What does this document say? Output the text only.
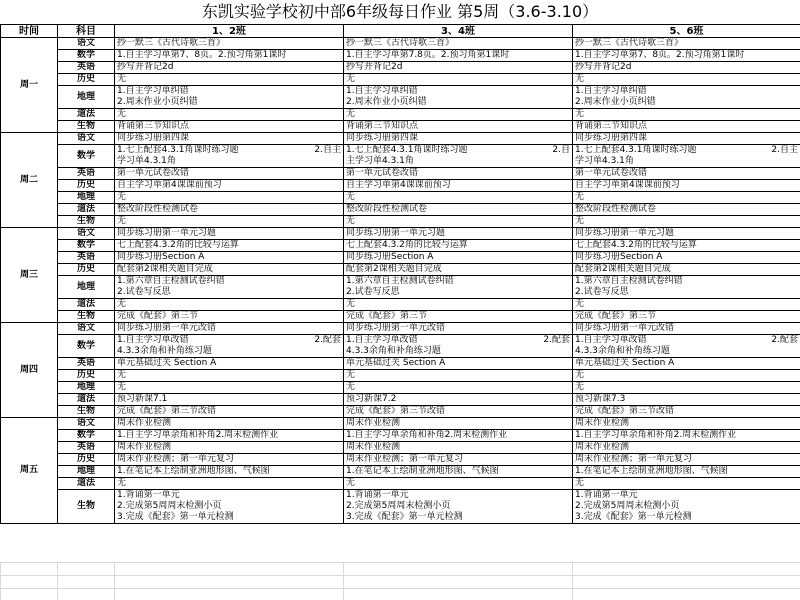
东凯实验学校初中部6年级每日作业 第5周（3.6-3.10）
时间	科目	1、2班	3、4班	5、6班
周一	语文	抄一默三《古代诗歌三首》	抄一默三《古代诗歌三首》	抄一默三《古代诗歌三首》

	数学	1.自主学习单第7、8页。2.预习角第1课时	1.自主学习单第7.8页。2.预习角第1课时	1.自主学习单第7、8页。2.预习角第1课时

	英语	抄写并背记2d	抄写并背记2d	抄写并背记2d

	历史	无	无	无

	地理	1.自主学习单纠错
2.周末作业小页纠错	1.自主学习单纠错
2.周末作业小页纠错	1.自主学习单纠错
2.周末作业小页纠错

	道法	无	无	无

	生物	背诵第三节知识点	背诵第三节知识点	背诵第三节知识点

周二	语文	同步练习册第四课	同步练习册第四课	同步练习册第四课

	数学	1.七上配套4.3.1角课时练习题 2.自主
学习单4.3.1角	1.七上配套4.3.1角课时练习题 2.自
主学习单4.3.1角	1.七上配套4.3.1角课时练习题 2.自主
学习单4.3.1角

	英语	第一单元试卷改错	第一单元试卷改错	第一单元试卷改错

	历史	自主学习单第4课课前预习	自主学习单第4课课前预习	自主学习单第4课课前预习

	地理	无	无	无

	道法	整改阶段性检测试卷	整改阶段性检测试卷	整改阶段性检测试卷

	生物	无	无	无

周三	语文	同步练习册第一单元习题	同步练习册第一单元习题	同步练习册第一单元习题

	数学	七上配套4.3.2角的比较与运算	七上配套4.3.2角的比较与运算	七上配套4.3.2角的比较与运算

	英语	同步练习册Section A	同步练习册Section A	同步练习册Section A

	历史	配套第2课相关题目完成	配套第2课相关题目完成	配套第2课相关题目完成

	地理	1.第六章自主检测试卷纠错
2.试卷写反思	1.第六章自主检测试卷纠错
2.试卷写反思	1.第六章自主检测试卷纠错
2.试卷写反思

	道法	无	无	无

	生物	完成《配套》第三节	完成《配套》第三节	完成《配套》第三节

周四	语文	同步练习册第一单元改错	同步练习册第一单元改错	同步练习册第一单元改错

	数学	1.自主学习单改错 2.配套
4.3.3余角和补角练习题	1.自主学习单改错 2.配套
4.3.3余角和补角练习题	1.自主学习单改错 2.配套
4.3.3余角和补角练习题

	英语	单元基础过关 Section A	单元基础过关 Section A	单元基础过关 Section A

	历史	无	无	无

	地理	无	无	无

	道法	预习新课7.1	预习新课7.2	预习新课7.3

	生物	完成《配套》第三节改错	完成《配套》第三节改错	完成《配套》第三节改错

周五	语文	周末作业检测	周末作业检测	周末作业检测

	数学	1.自主学习单余角和补角2.周末检测作业	1.自主学习单余角和补角2.周末检测作业	1.自主学习单余角和补角2.周末检测作业

	英语	周末作业检测	周末作业检测	周末作业检测

	历史	周末作业检测；第一单元复习	周末作业检测；第一单元复习	周末作业检测；第一单元复习

	地理	1.在笔记本上绘制亚洲地形图、气候图	1.在笔记本上绘制亚洲地形图、气候图	1.在笔记本上绘制亚洲地形图、气候图

	道法	无	无	无

	生物	1.背诵第一单元
2.完成第5周周末检测小页
3.完成《配套》第一单元检测	1.背诵第一单元
2.完成第5周周末检测小页
3.完成《配套》第一单元检测	1.背诵第一单元
2.完成第5周周末检测小页
3.完成《配套》第一单元检测
